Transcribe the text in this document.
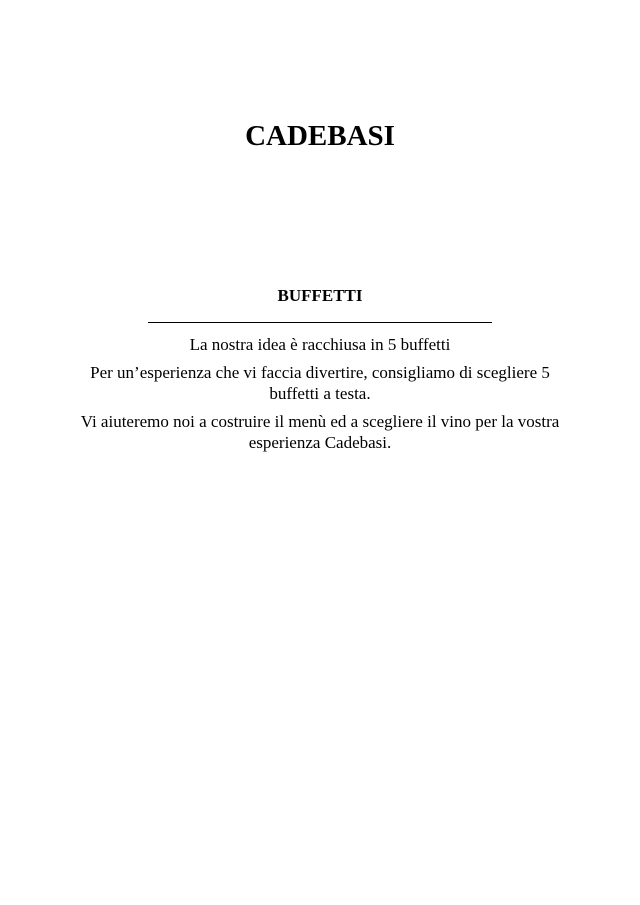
CADEBASI
BUFFETTI

La nostra idea è racchiusa in 5 buffetti

Per un’esperienza che vi faccia divertire, consigliamo di scegliere 5 buffetti a testa.

Vi aiuteremo noi a costruire il menù ed a scegliere il vino per la vostra esperienza Cadebasi.
